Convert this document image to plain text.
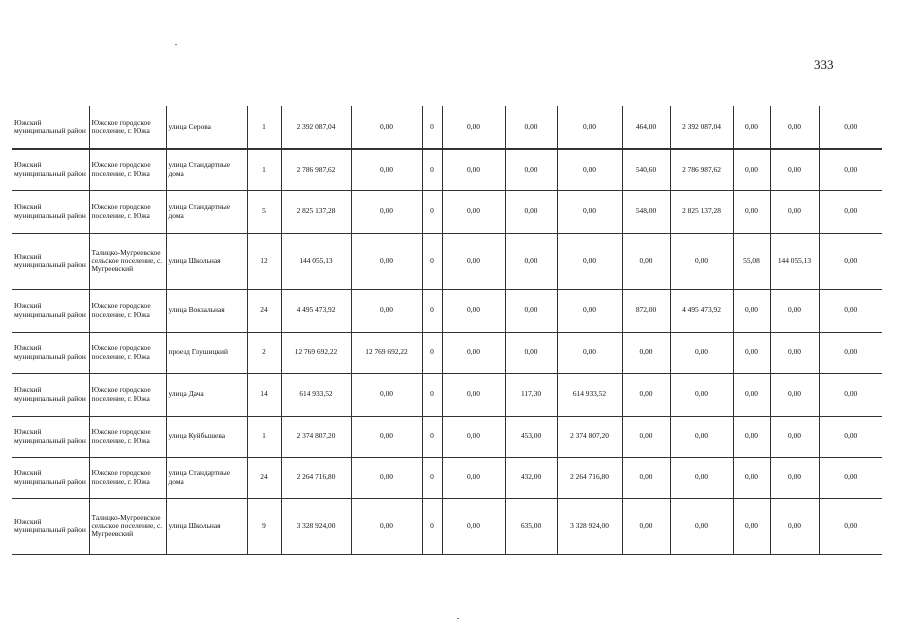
333
Южский муниципальный район	Южское городское поселение, г. Южа	улица Серова	1	2 392 087,04	0,00	0	0,00	0,00	0,00	464,00	2 392 087,04	0,00	0,00	0,00
Южский муниципальный район	Южское городское поселение, г. Южа	улица Стандартные дома	1	2 786 987,62	0,00	0	0,00	0,00	0,00	540,60	2 786 987,62	0,00	0,00	0,00
Южский муниципальный район	Южское городское поселение, г. Южа	улица Стандартные дома	5	2 825 137,28	0,00	0	0,00	0,00	0,00	548,00	2 825 137,28	0,00	0,00	0,00
Южский муниципальный район	Талицко-Мугреевское сельское поселение, с. Мугреевский	улица Школьная	12	144 055,13	0,00	0	0,00	0,00	0,00	0,00	0,00	55,08	144 055,13	0,00
Южский муниципальный район	Южское городское поселение, г. Южа	улица Вокзальная	24	4 495 473,92	0,00	0	0,00	0,00	0,00	872,00	4 495 473,92	0,00	0,00	0,00
Южский муниципальный район	Южское городское поселение, г. Южа	проезд Глушицкий	2	12 769 692,22	12 769 692,22	0	0,00	0,00	0,00	0,00	0,00	0,00	0,00	0,00
Южский муниципальный район	Южское городское поселение, г. Южа	улица Дача	14	614 933,52	0,00	0	0,00	117,30	614 933,52	0,00	0,00	0,00	0,00	0,00
Южский муниципальный район	Южское городское поселение, г. Южа	улица Куйбышева	1	2 374 807,20	0,00	0	0,00	453,00	2 374 807,20	0,00	0,00	0,00	0,00	0,00
Южский муниципальный район	Южское городское поселение, г. Южа	улица Стандартные дома	24	2 264 716,80	0,00	0	0,00	432,00	2 264 716,80	0,00	0,00	0,00	0,00	0,00
Южский муниципальный район	Талицко-Мугреевское сельское поселение, с. Мугреевский	улица Школьная	9	3 328 924,00	0,00	0	0,00	635,00	3 328 924,00	0,00	0,00	0,00	0,00	0,00
